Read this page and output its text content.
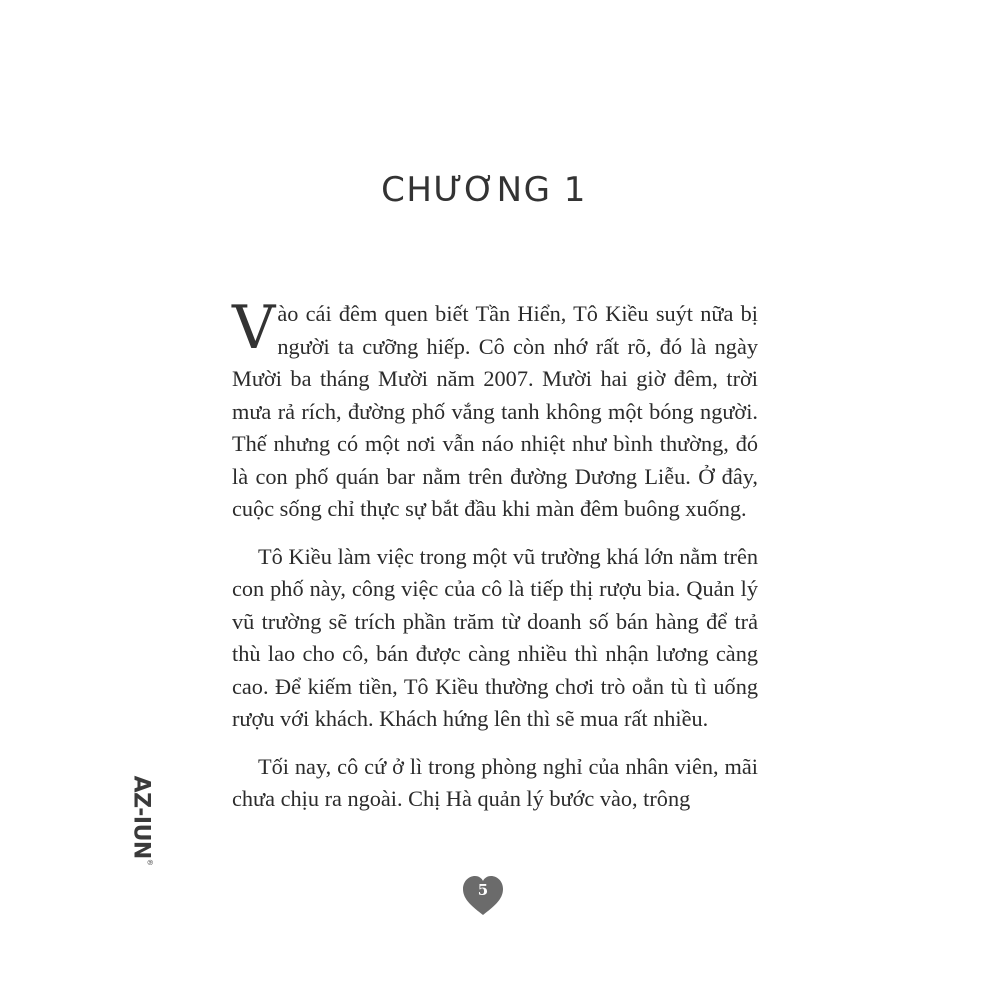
CHƯƠNG 1

Vào cái đêm quen biết Tần Hiển, Tô Kiều suýt nữa bị người ta cưỡng hiếp. Cô còn nhớ rất rõ, đó là ngày Mười ba tháng Mười năm 2007. Mười hai giờ đêm, trời mưa rả rích, đường phố vắng tanh không một bóng người. Thế nhưng có một nơi vẫn náo nhiệt như bình thường, đó là con phố quán bar nằm trên đường Dương Liễu. Ở đây, cuộc sống chỉ thực sự bắt đầu khi màn đêm buông xuống.

Tô Kiều làm việc trong một vũ trường khá lớn nằm trên con phố này, công việc của cô là tiếp thị rượu bia. Quản lý vũ trường sẽ trích phần trăm từ doanh số bán hàng để trả thù lao cho cô, bán được càng nhiều thì nhận lương càng cao. Để kiếm tiền, Tô Kiều thường chơi trò oẳn tù tì uống rượu với khách. Khách hứng lên thì sẽ mua rất nhiều.

Tối nay, cô cứ ở lì trong phòng nghỉ của nhân viên, mãi chưa chịu ra ngoài. Chị Hà quản lý bước vào, trông

AZ-IUN®
5
